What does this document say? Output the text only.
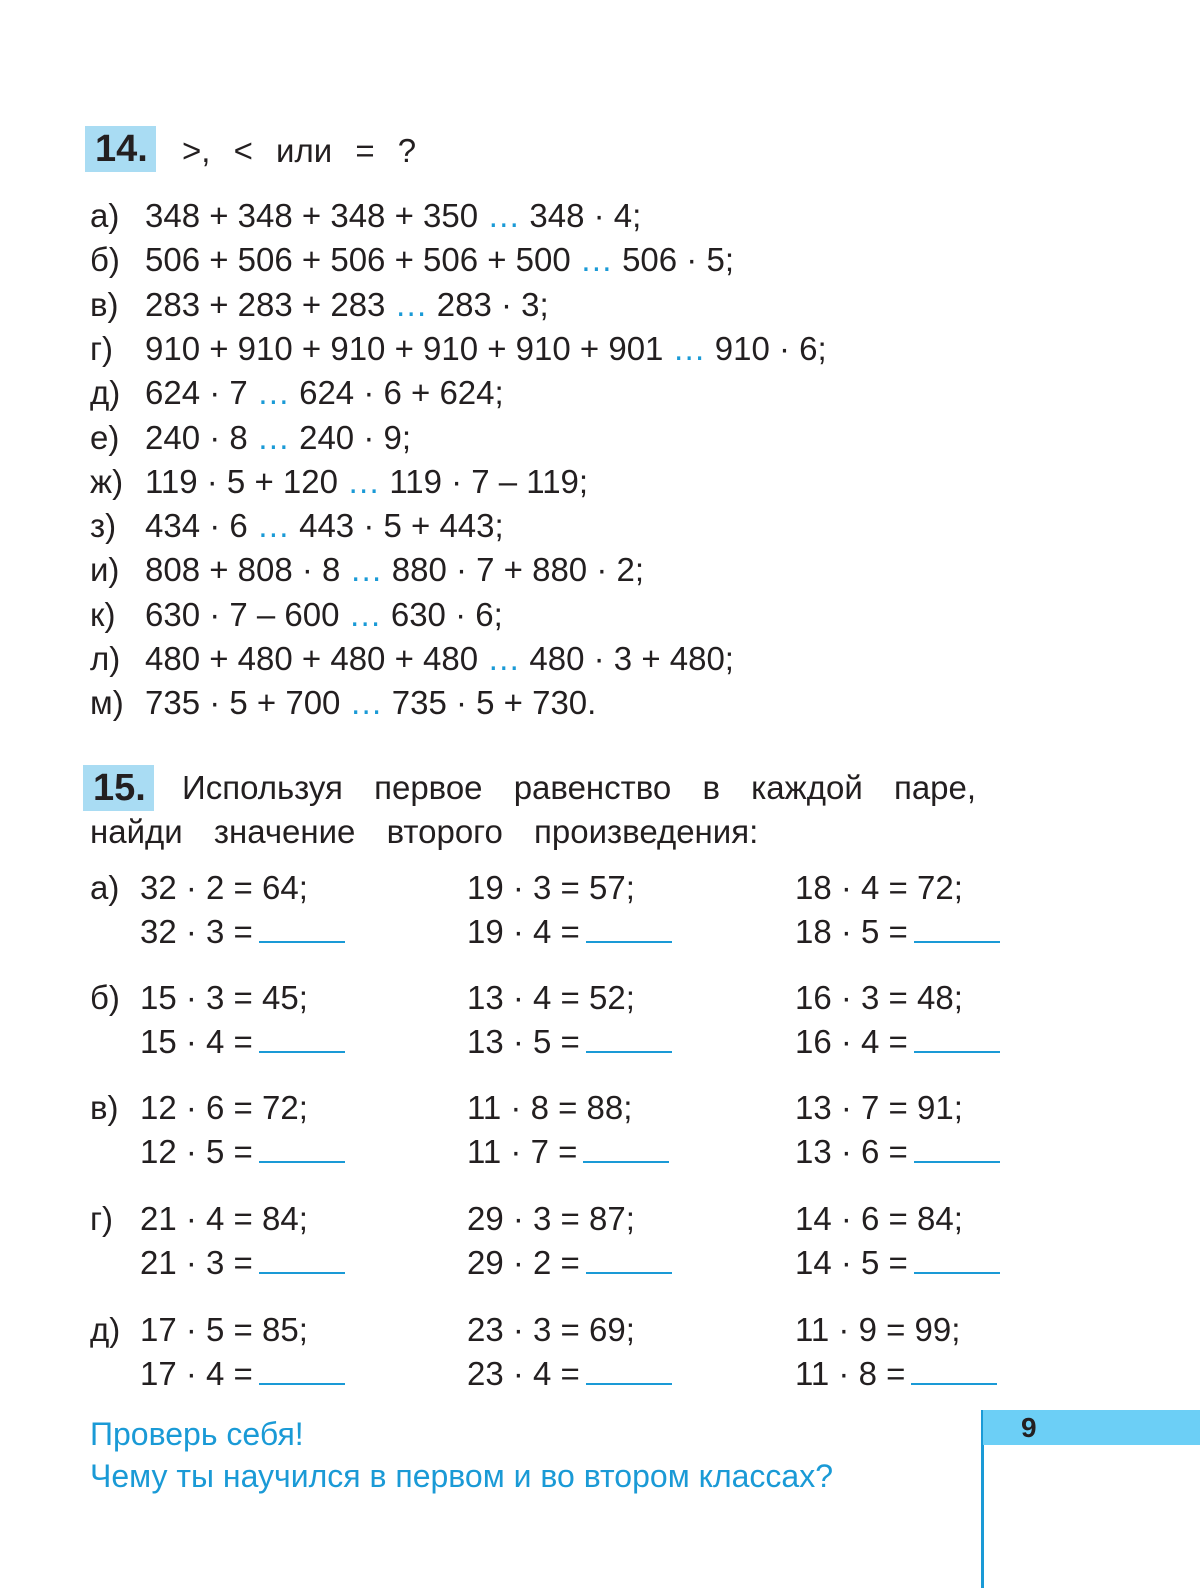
14. >, < или = ?
а) 348 + 348 + 348 + 350 … 348 · 4;
б) 506 + 506 + 506 + 506 + 500 … 506 · 5;
в) 283 + 283 + 283 … 283 · 3;
г) 910 + 910 + 910 + 910 + 910 + 901 … 910 · 6;
д) 624 · 7 … 624 · 6 + 624;
е) 240 · 8 … 240 · 9;
ж) 119 · 5 + 120 … 119 · 7 – 119;
з) 434 · 6 … 443 · 5 + 443;
и) 808 + 808 · 8 … 880 · 7 + 880 · 2;
к) 630 · 7 – 600 … 630 · 6;
л) 480 + 480 + 480 + 480 … 480 · 3 + 480;
м) 735 · 5 + 700 … 735 · 5 + 730.
15. Используя первое равенство в каждой паре,
найди значение второго произведения:
а) 32 · 2 = 64;
32 · 3 =
19 · 3 = 57;
19 · 4 =
18 · 4 = 72;
18 · 5 =
б) 15 · 3 = 45;
15 · 4 =
13 · 4 = 52;
13 · 5 =
16 · 3 = 48;
16 · 4 =
в) 12 · 6 = 72;
12 · 5 =
11 · 8 = 88;
11 · 7 =
13 · 7 = 91;
13 · 6 =
г) 21 · 4 = 84;
21 · 3 =
29 · 3 = 87;
29 · 2 =
14 · 6 = 84;
14 · 5 =
д) 17 · 5 = 85;
17 · 4 =
23 · 3 = 69;
23 · 4 =
11 · 9 = 99;
11 · 8 =
Проверь себя!
Чему ты научился в первом и во втором классах?
9
